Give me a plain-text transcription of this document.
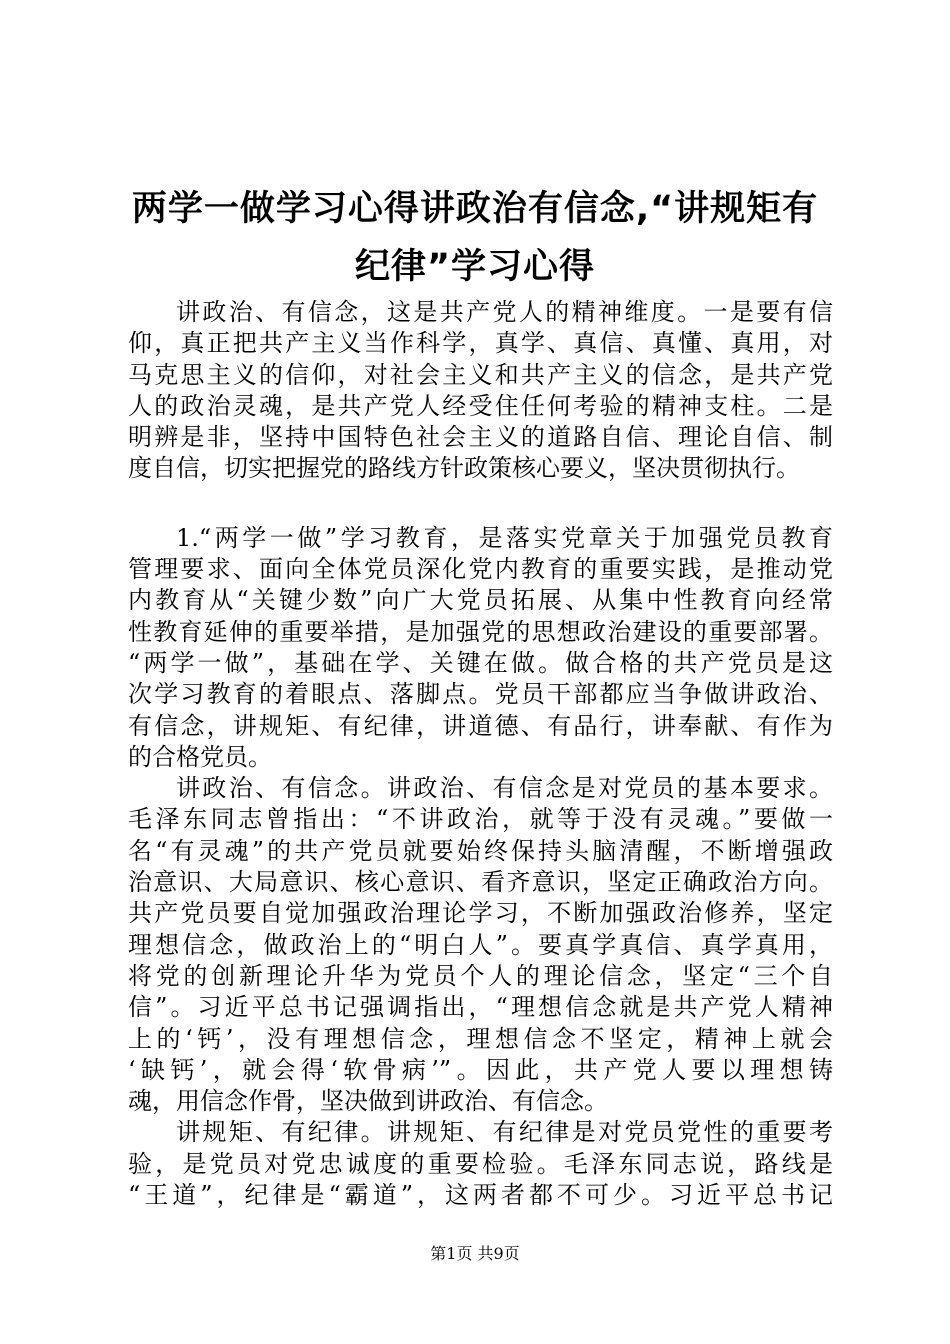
两学一做学习心得讲政治有信念,“讲规矩有
纪律”学习心得
讲政治、有信念，这是共产党人的精神维度。一是要有信
仰，真正把共产主义当作科学，真学、真信、真懂、真用，对
马克思主义的信仰，对社会主义和共产主义的信念，是共产党
人的政治灵魂，是共产党人经受住任何考验的精神支柱。二是
明辨是非，坚持中国特色社会主义的道路自信、理论自信、制
度自信，切实把握党的路线方针政策核心要义，坚决贯彻执行。
1.“两学一做”学习教育，是落实党章关于加强党员教育
管理要求、面向全体党员深化党内教育的重要实践，是推动党
内教育从“关键少数”向广大党员拓展、从集中性教育向经常
性教育延伸的重要举措，是加强党的思想政治建设的重要部署。
“两学一做”，基础在学、关键在做。做合格的共产党员是这
次学习教育的着眼点、落脚点。党员干部都应当争做讲政治、
有信念，讲规矩、有纪律，讲道德、有品行，讲奉献、有作为
的合格党员。
讲政治、有信念。讲政治、有信念是对党员的基本要求。
毛泽东同志曾指出：“不讲政治，就等于没有灵魂。”要做一
名“有灵魂”的共产党员就要始终保持头脑清醒，不断增强政
治意识、大局意识、核心意识、看齐意识，坚定正确政治方向。
共产党员要自觉加强政治理论学习，不断加强政治修养，坚定
理想信念，做政治上的“明白人”。要真学真信、真学真用，
将党的创新理论升华为党员个人的理论信念，坚定“三个自
信”。习近平总书记强调指出，“理想信念就是共产党人精神
上的‘钙’，没有理想信念，理想信念不坚定，精神上就会
‘缺钙’，就会得‘软骨病’”。因此，共产党人要以理想铸
魂，用信念作骨，坚决做到讲政治、有信念。
讲规矩、有纪律。讲规矩、有纪律是对党员党性的重要考
验，是党员对党忠诚度的重要检验。毛泽东同志说，路线是
“王道”，纪律是“霸道”，这两者都不可少。习近平总书记
第1页 共9页
